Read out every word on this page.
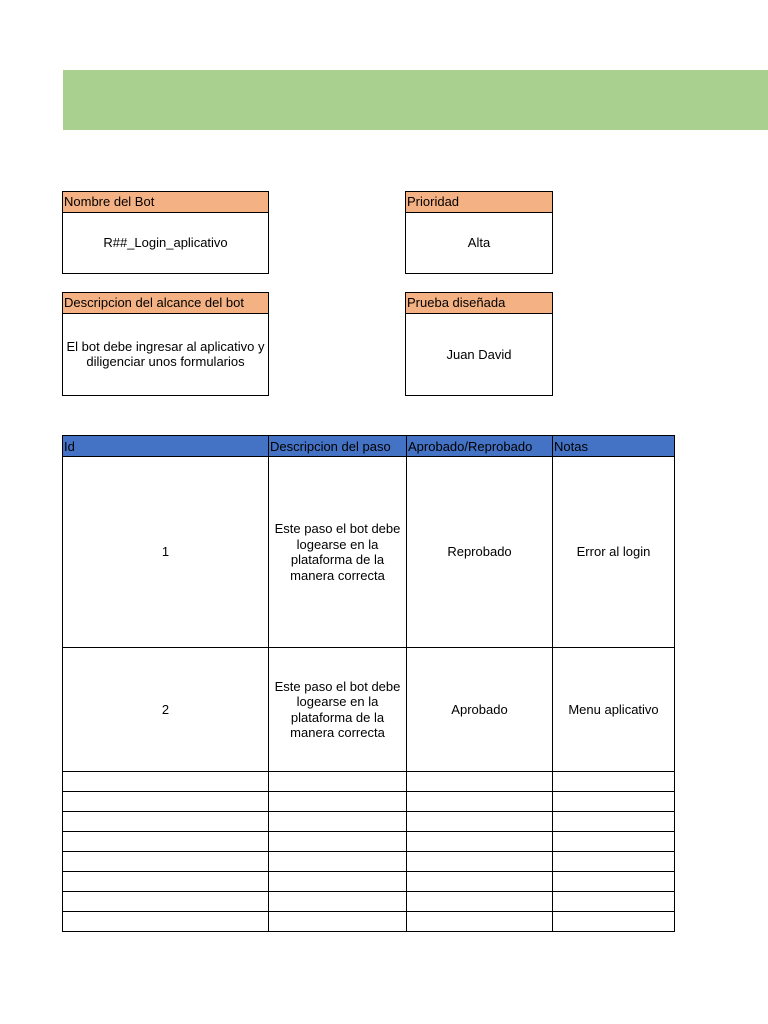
Nombre del Bot
R##_Login_aplicativo
Prioridad
Alta
Descripcion del alcance del bot
El bot debe ingresar al aplicativo y diligenciar unos formularios
Prueba diseñada
Juan David
Id	Descripcion del paso	Aprobado/Reprobado	Notas
1	Este paso el bot debe logearse en la plataforma de la manera correcta	Reprobado	Error al login
2	Este paso el bot debe logearse en la plataforma de la manera correcta	Aprobado	Menu aplicativo
